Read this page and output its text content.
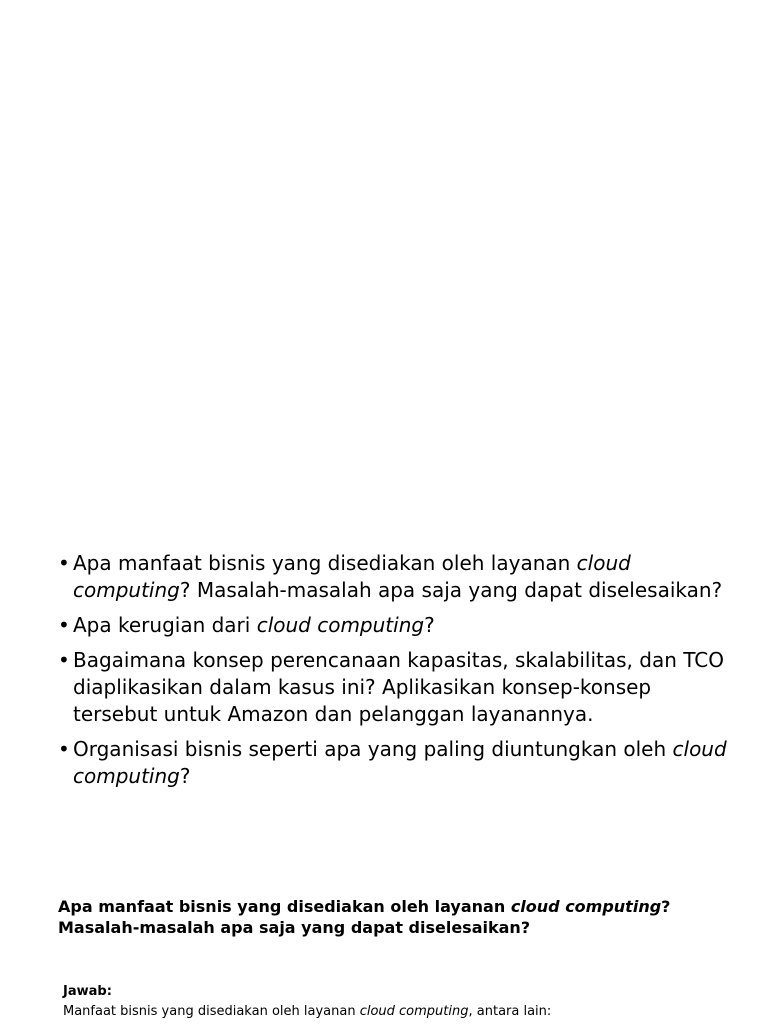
• Apa manfaat bisnis yang disediakan oleh layanan cloud computing? Masalah-masalah apa saja yang dapat diselesaikan?
• Apa kerugian dari cloud computing?
• Bagaimana konsep perencanaan kapasitas, skalabilitas, dan TCO diaplikasikan dalam kasus ini? Aplikasikan konsep-konsep tersebut untuk Amazon dan pelanggan layanannya.
• Organisasi bisnis seperti apa yang paling diuntungkan oleh cloud computing?

Apa manfaat bisnis yang disediakan oleh layanan cloud computing? Masalah-masalah apa saja yang dapat diselesaikan?

Jawab:

Manfaat bisnis yang disediakan oleh layanan cloud computing, antara lain:
